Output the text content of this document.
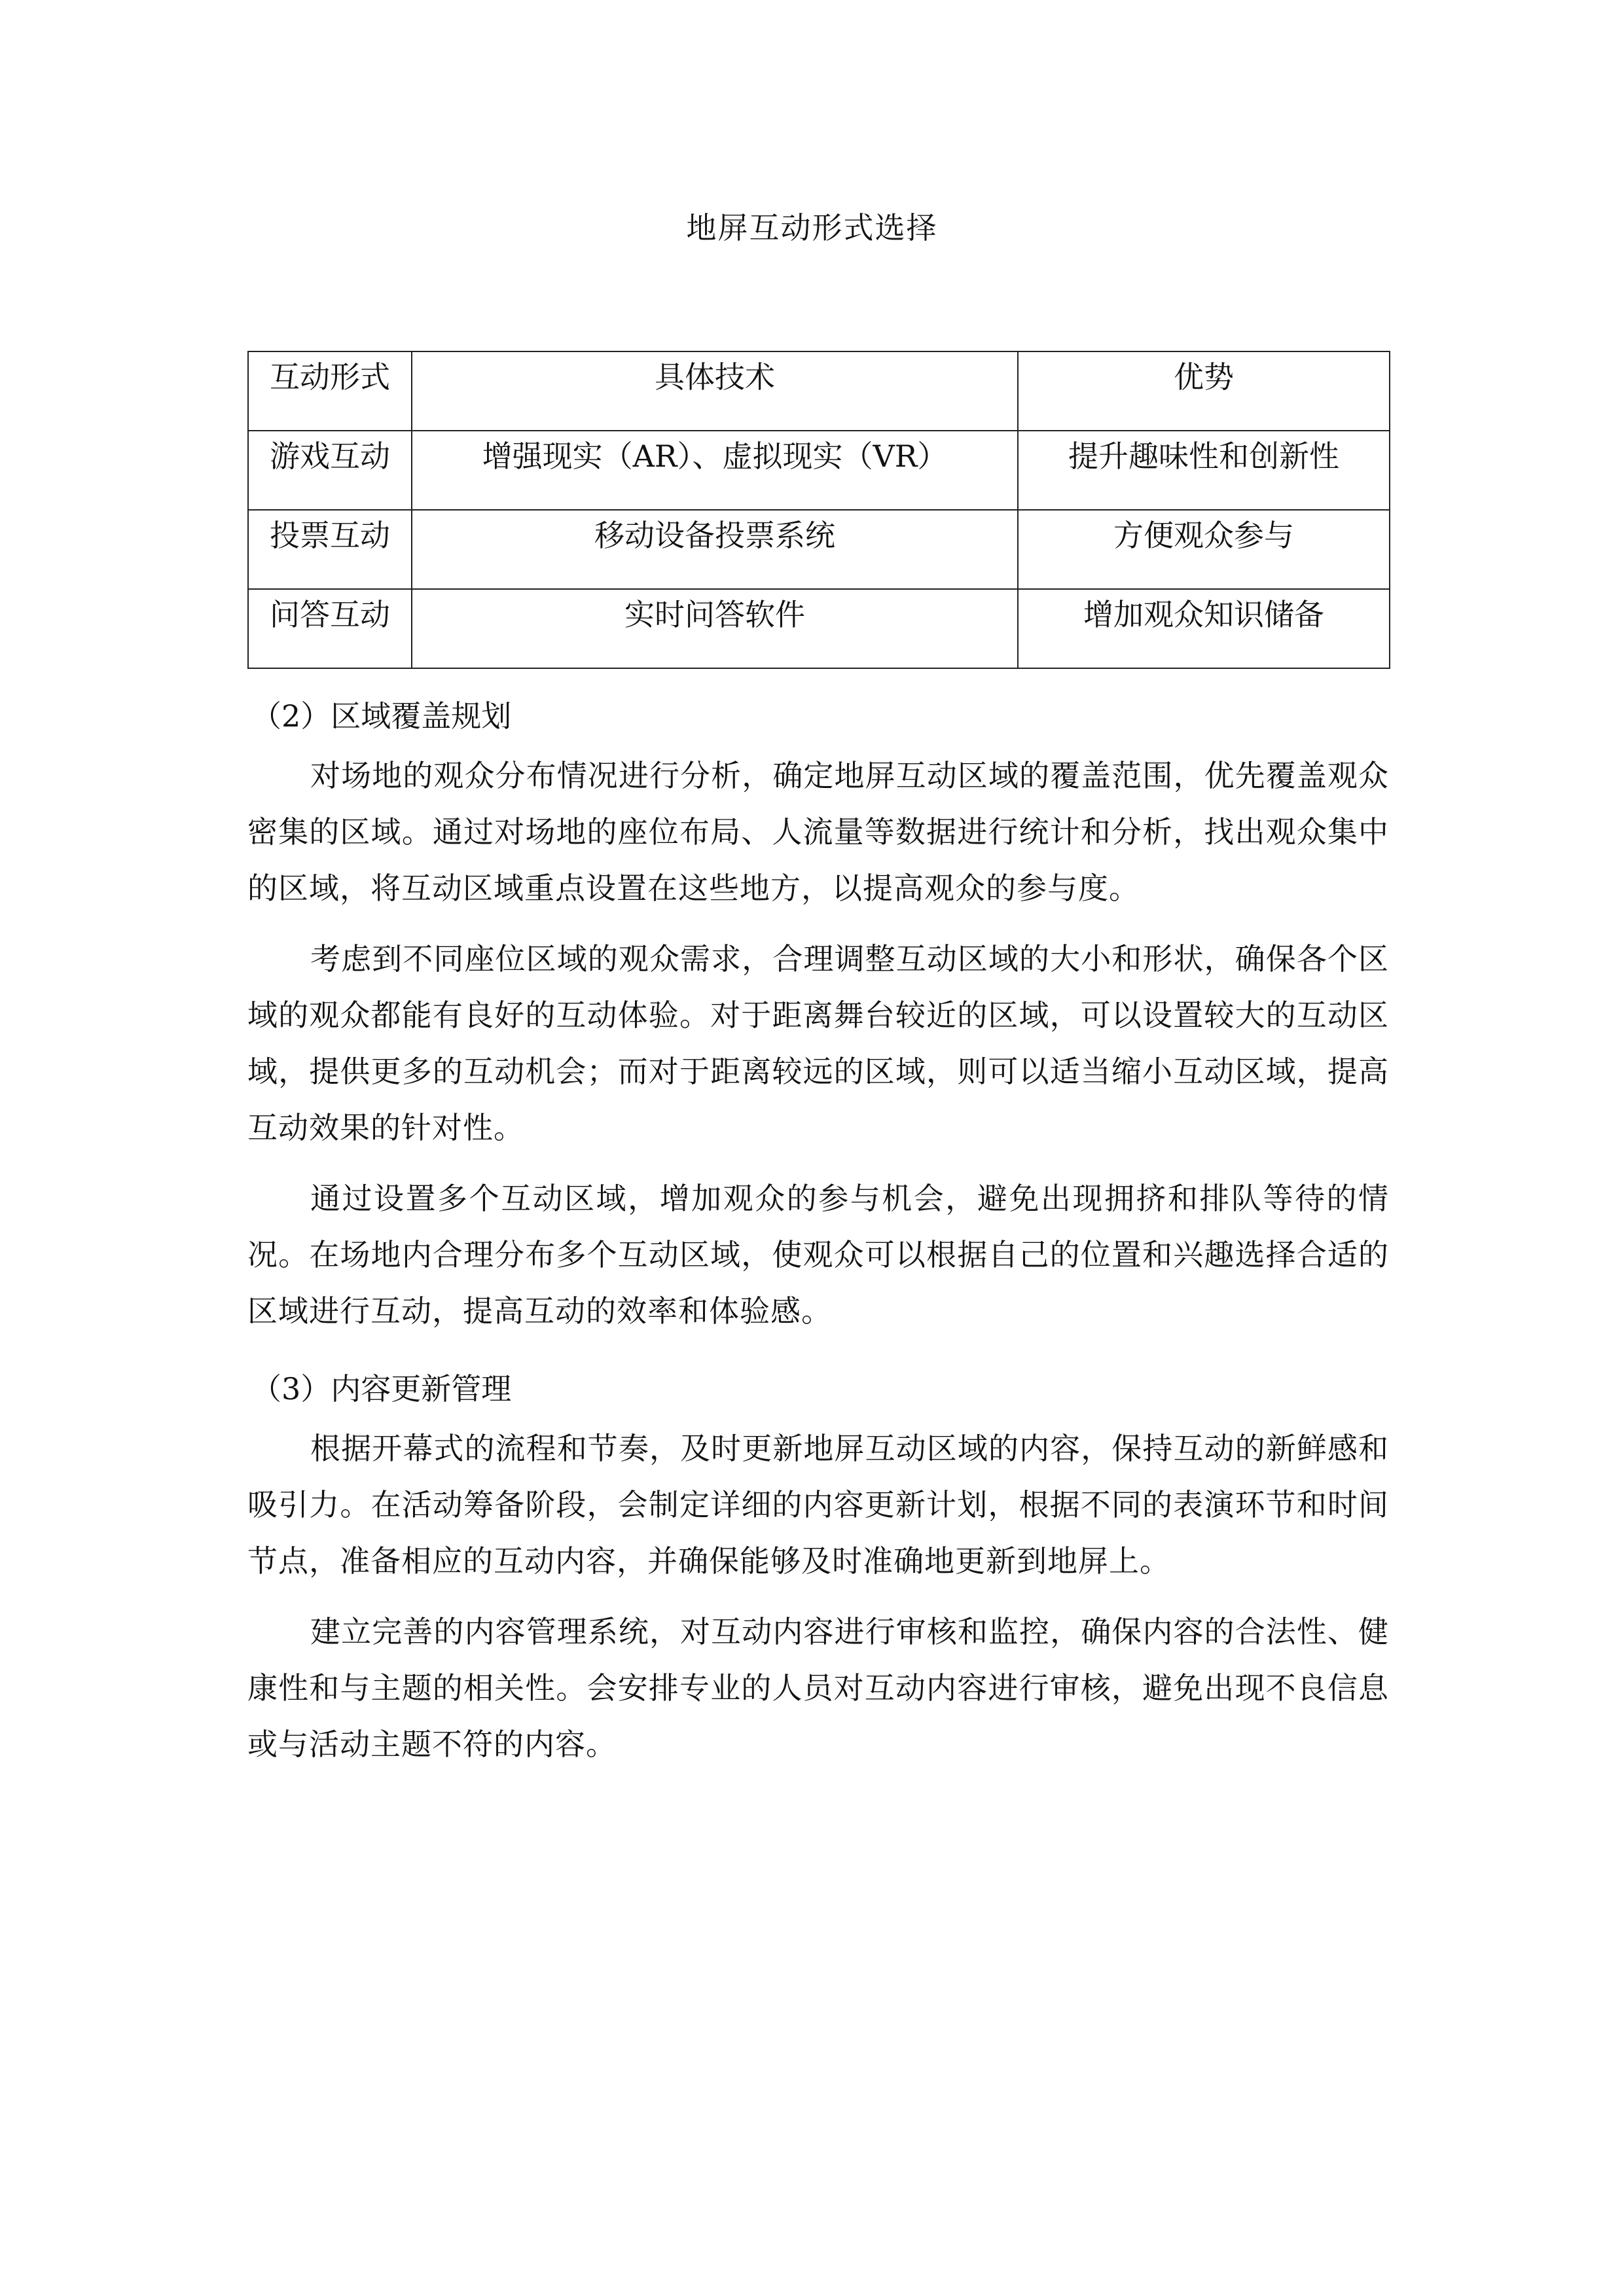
地屏互动形式选择
互动形式	具体技术	优势
游戏互动	增强现实（AR）、虚拟现实（VR）	提升趣味性和创新性
投票互动	移动设备投票系统	方便观众参与
问答互动	实时问答软件	增加观众知识储备
（2）区域覆盖规划

对场地的观众分布情况进行分析，确定地屏互动区域的覆盖范围，优先覆盖观众密集的区域。通过对场地的座位布局、人流量等数据进行统计和分析，找出观众集中的区域，将互动区域重点设置在这些地方，以提高观众的参与度。

考虑到不同座位区域的观众需求，合理调整互动区域的大小和形状，确保各个区域的观众都能有良好的互动体验。对于距离舞台较近的区域，可以设置较大的互动区域，提供更多的互动机会；而对于距离较远的区域，则可以适当缩小互动区域，提高互动效果的针对性。

通过设置多个互动区域，增加观众的参与机会，避免出现拥挤和排队等待的情况。在场地内合理分布多个互动区域，使观众可以根据自己的位置和兴趣选择合适的区域进行互动，提高互动的效率和体验感。

（3）内容更新管理

根据开幕式的流程和节奏，及时更新地屏互动区域的内容，保持互动的新鲜感和吸引力。在活动筹备阶段，会制定详细的内容更新计划，根据不同的表演环节和时间节点，准备相应的互动内容，并确保能够及时准确地更新到地屏上。

建立完善的内容管理系统，对互动内容进行审核和监控，确保内容的合法性、健康性和与主题的相关性。会安排专业的人员对互动内容进行审核，避免出现不良信息或与活动主题不符的内容。
